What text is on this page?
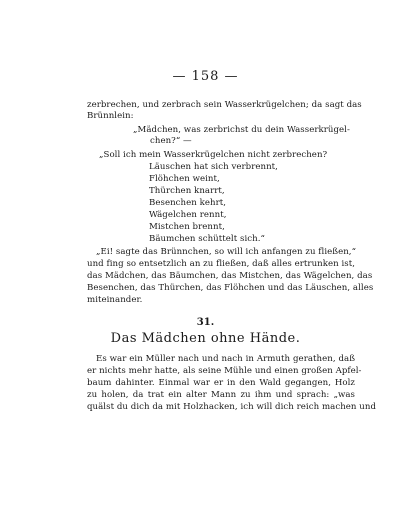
— 158 —
zerbrechen, und zerbrach sein Wasserkrügelchen; da sagt das
Brünnlein:
„Mädchen, was zerbrichst du dein Wasserkrügel-
chen?“ —
„Soll ich mein Wasserkrügelchen nicht zerbrechen?
Läuschen hat sich verbrennt,
Flöhchen weint,
Thürchen knarrt,
Besenchen kehrt,
Wägelchen rennt,
Mistchen brennt,
Bäumchen schüttelt sich.“
„Ei! sagte das Brünnchen, so will ich anfangen zu fließen,“
und fing so entsetzlich an zu fließen, daß alles ertrunken ist,
das Mädchen, das Bäumchen, das Mistchen, das Wägelchen, das
Besenchen, das Thürchen, das Flöhchen und das Läuschen, alles
miteinander.
31.
Das Mädchen ohne Hände.
Es war ein Müller nach und nach in Armuth gerathen, daß
er nichts mehr hatte, als seine Mühle und einen großen Apfel-
baum dahinter. Einmal war er in den Wald gegangen, Holz
zu holen, da trat ein alter Mann zu ihm und sprach: „was
quälst du dich da mit Holzhacken, ich will dich reich machen und
